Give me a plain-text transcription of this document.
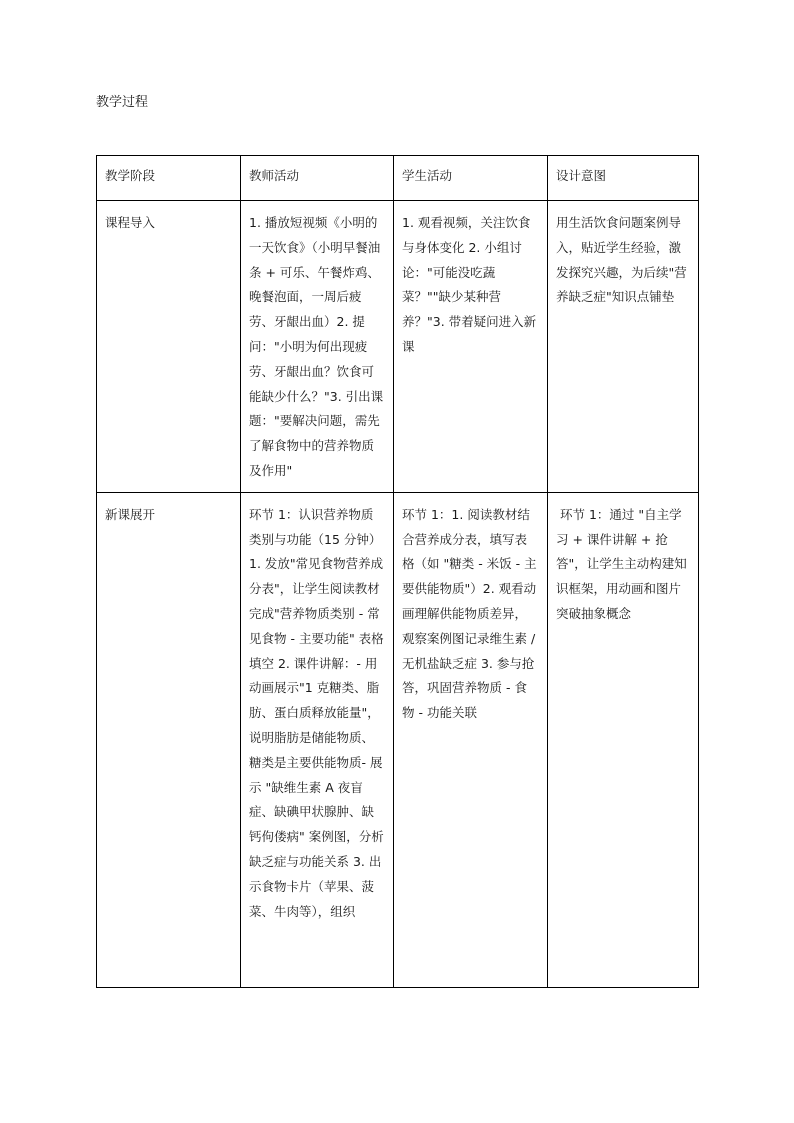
教学过程
教学阶段	教师活动	学生活动	设计意图
课程导入	1. 播放短视频《小明的一天饮食》（小明早餐油条 + 可乐、午餐炸鸡、晚餐泡面，一周后疲劳、牙龈出血）2. 提问："小明为何出现疲劳、牙龈出血？饮食可能缺少什么？"3. 引出课题："要解决问题，需先了解食物中的营养物质及作用"	1. 观看视频，关注饮食与身体变化 2. 小组讨论："可能没吃蔬菜？""缺少某种营养？"3. 带着疑问进入新课	用生活饮食问题案例导入，贴近学生经验，激发探究兴趣，为后续"营养缺乏症"知识点铺垫
新课展开	环节 1：认识营养物质类别与功能（15 分钟）1. 发放"常见食物营养成分表"，让学生阅读教材完成"营养物质类别 - 常见食物 - 主要功能" 表格填空 2. 课件讲解：- 用动画展示"1 克糖类、脂肪、蛋白质释放能量"，说明脂肪是储能物质、糖类是主要供能物质- 展示 "缺维生素 A 夜盲症、缺碘甲状腺肿、缺钙佝偻病" 案例图，分析缺乏症与功能关系 3. 出示食物卡片（苹果、菠菜、牛肉等），组织	环节 1：1. 阅读教材结合营养成分表，填写表格（如 "糖类 - 米饭 - 主要供能物质"）2. 观看动画理解供能物质差异，观察案例图记录维生素 / 无机盐缺乏症 3. 参与抢答，巩固营养物质 - 食物 - 功能关联	环节 1：通过 "自主学习 + 课件讲解 + 抢答"，让学生主动构建知识框架，用动画和图片突破抽象概念
